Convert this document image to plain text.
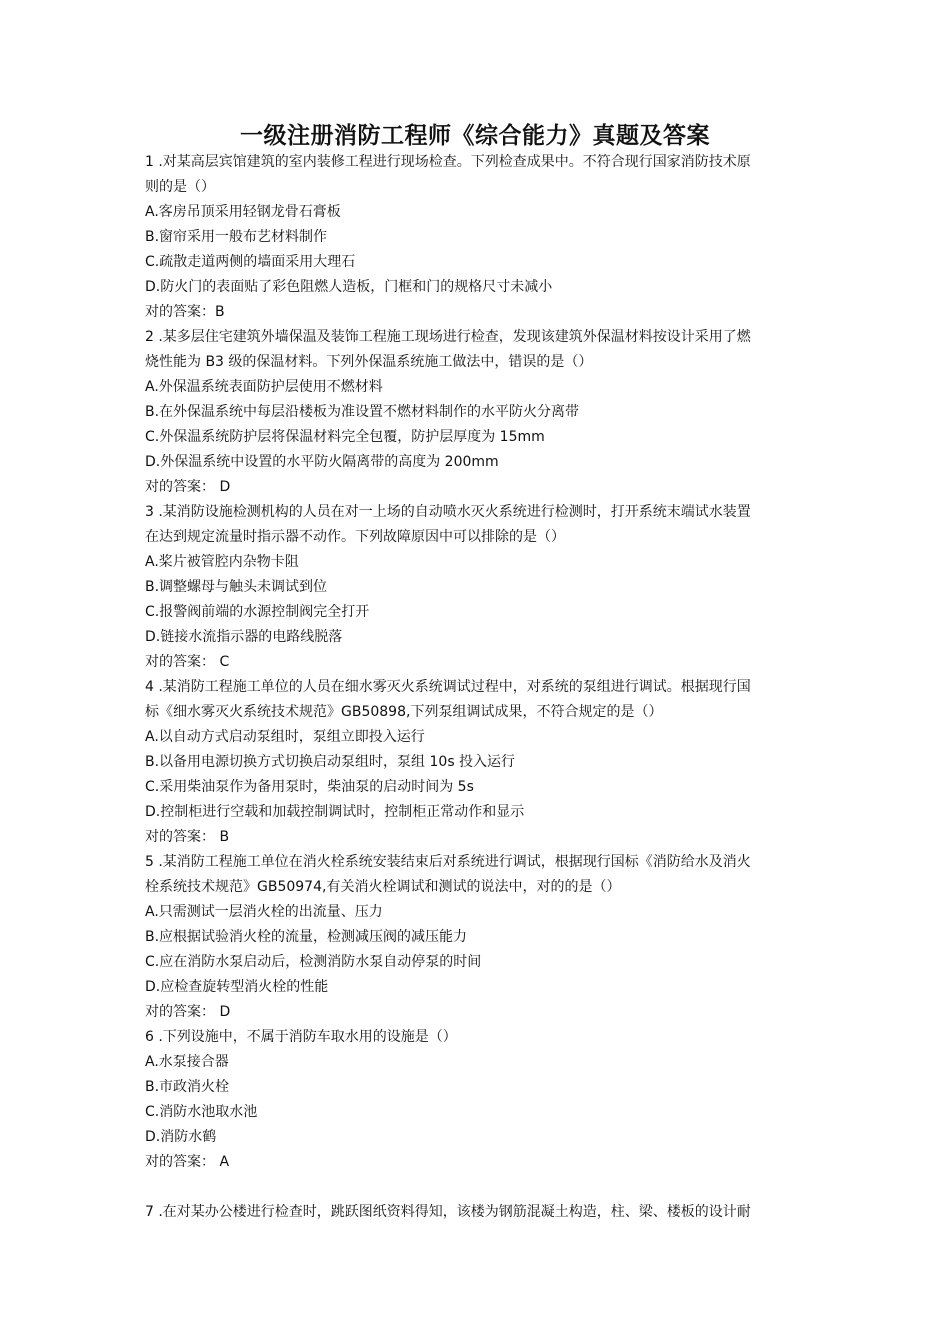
一级注册消防工程师《综合能力》真题及答案
1 .对某高层宾馆建筑的室内装修工程进行现场检查。下列检查成果中。不符合现行国家消防技术原
则的是（）
A.客房吊顶采用轻钢龙骨石膏板
B.窗帘采用一般布艺材料制作
C.疏散走道两侧的墙面采用大理石
D.防火门的表面贴了彩色阻燃人造板，门框和门的规格尺寸未减小
对的答案：B
2 .某多层住宅建筑外墙保温及装饰工程施工现场进行检查，发现该建筑外保温材料按设计采用了燃
烧性能为 B3 级的保温材料。下列外保温系统施工做法中，错误的是（）
A.外保温系统表面防护层使用不燃材料
B.在外保温系统中每层沿楼板为准设置不燃材料制作的水平防火分离带
C.外保温系统防护层将保温材料完全包覆，防护层厚度为 15mm
D.外保温系统中设置的水平防火隔离带的高度为 200mm
对的答案： D
3 .某消防设施检测机构的人员在对一上场的自动喷水灭火系统进行检测时，打开系统末端试水装置
在达到规定流量时指示器不动作。下列故障原因中可以排除的是（）
A.桨片被管腔内杂物卡阻
B.调整螺母与触头未调试到位
C.报警阀前端的水源控制阀完全打开
D.链接水流指示器的电路线脱落
对的答案： C
4 .某消防工程施工单位的人员在细水雾灭火系统调试过程中，对系统的泵组进行调试。根据现行国
标《细水雾灭火系统技术规范》GB50898,下列泵组调试成果，不符合规定的是（）
A.以自动方式启动泵组时，泵组立即投入运行
B.以备用电源切换方式切换启动泵组时，泵组 10s 投入运行
C.采用柴油泵作为备用泵时，柴油泵的启动时间为 5s
D.控制柜进行空载和加载控制调试时，控制柜正常动作和显示
对的答案： B
5 .某消防工程施工单位在消火栓系统安装结束后对系统进行调试，根据现行国标《消防给水及消火
栓系统技术规范》GB50974,有关消火栓调试和测试的说法中，对的的是（）
A.只需测试一层消火栓的出流量、压力
B.应根据试验消火栓的流量，检测减压阀的减压能力
C.应在消防水泵启动后，检测消防水泵自动停泵的时间
D.应检查旋转型消火栓的性能
对的答案： D
6 .下列设施中，不属于消防车取水用的设施是（）
A.水泵接合器
B.市政消火栓
C.消防水池取水池
D.消防水鹤
对的答案： A
7 .在对某办公楼进行检查时，跳跃图纸资料得知，该楼为钢筋混凝土构造，柱、梁、楼板的设计耐
